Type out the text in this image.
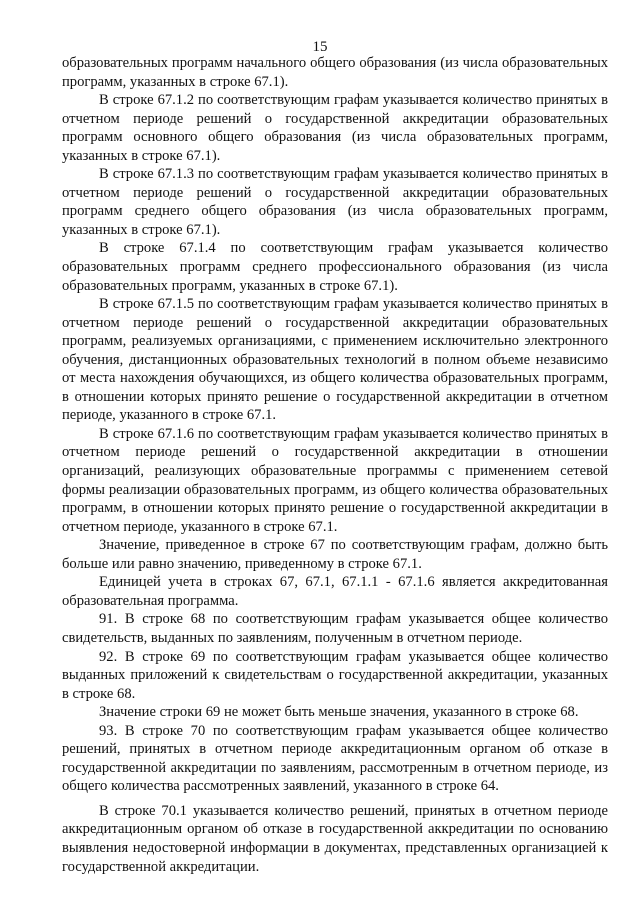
15

образовательных программ начального общего образования (из числа образовательных программ, указанных в строке 67.1).

В строке 67.1.2 по соответствующим графам указывается количество принятых в отчетном периоде решений о государственной аккредитации образовательных программ основного общего образования (из числа образовательных программ, указанных в строке 67.1).

В строке 67.1.3 по соответствующим графам указывается количество принятых в отчетном периоде решений о государственной аккредитации образовательных программ среднего общего образования (из числа образовательных программ, указанных в строке 67.1).

В строке 67.1.4 по соответствующим графам указывается количество образовательных программ среднего профессионального образования (из числа образовательных программ, указанных в строке 67.1).

В строке 67.1.5 по соответствующим графам указывается количество принятых в отчетном периоде решений о государственной аккредитации образовательных программ, реализуемых организациями, с применением исключительно электронного обучения, дистанционных образовательных технологий в полном объеме независимо от места нахождения обучающихся, из общего количества образовательных программ, в отношении которых принято решение о государственной аккредитации в отчетном периоде, указанного в строке 67.1.

В строке 67.1.6 по соответствующим графам указывается количество принятых в отчетном периоде решений о государственной аккредитации в отношении организаций, реализующих образовательные программы с применением сетевой формы реализации образовательных программ, из общего количества образовательных программ, в отношении которых принято решение о государственной аккредитации в отчетном периоде, указанного в строке 67.1.

Значение, приведенное в строке 67 по соответствующим графам, должно быть больше или равно значению, приведенному в строке 67.1.

Единицей учета в строках 67, 67.1, 67.1.1 - 67.1.6 является аккредитованная образовательная программа.

91. В строке 68 по соответствующим графам указывается общее количество свидетельств, выданных по заявлениям, полученным в отчетном периоде.

92. В строке 69 по соответствующим графам указывается общее количество выданных приложений к свидетельствам о государственной аккредитации, указанных в строке 68.

Значение строки 69 не может быть меньше значения, указанного в строке 68.

93. В строке 70 по соответствующим графам указывается общее количество решений, принятых в отчетном периоде аккредитационным органом об отказе в государственной аккредитации по заявлениям, рассмотренным в отчетном периоде, из общего количества рассмотренных заявлений, указанного в строке 64.

В строке 70.1 указывается количество решений, принятых в отчетном периоде аккредитационным органом об отказе в государственной аккредитации по основанию выявления недостоверной информации в документах, представленных организацией к государственной аккредитации.
